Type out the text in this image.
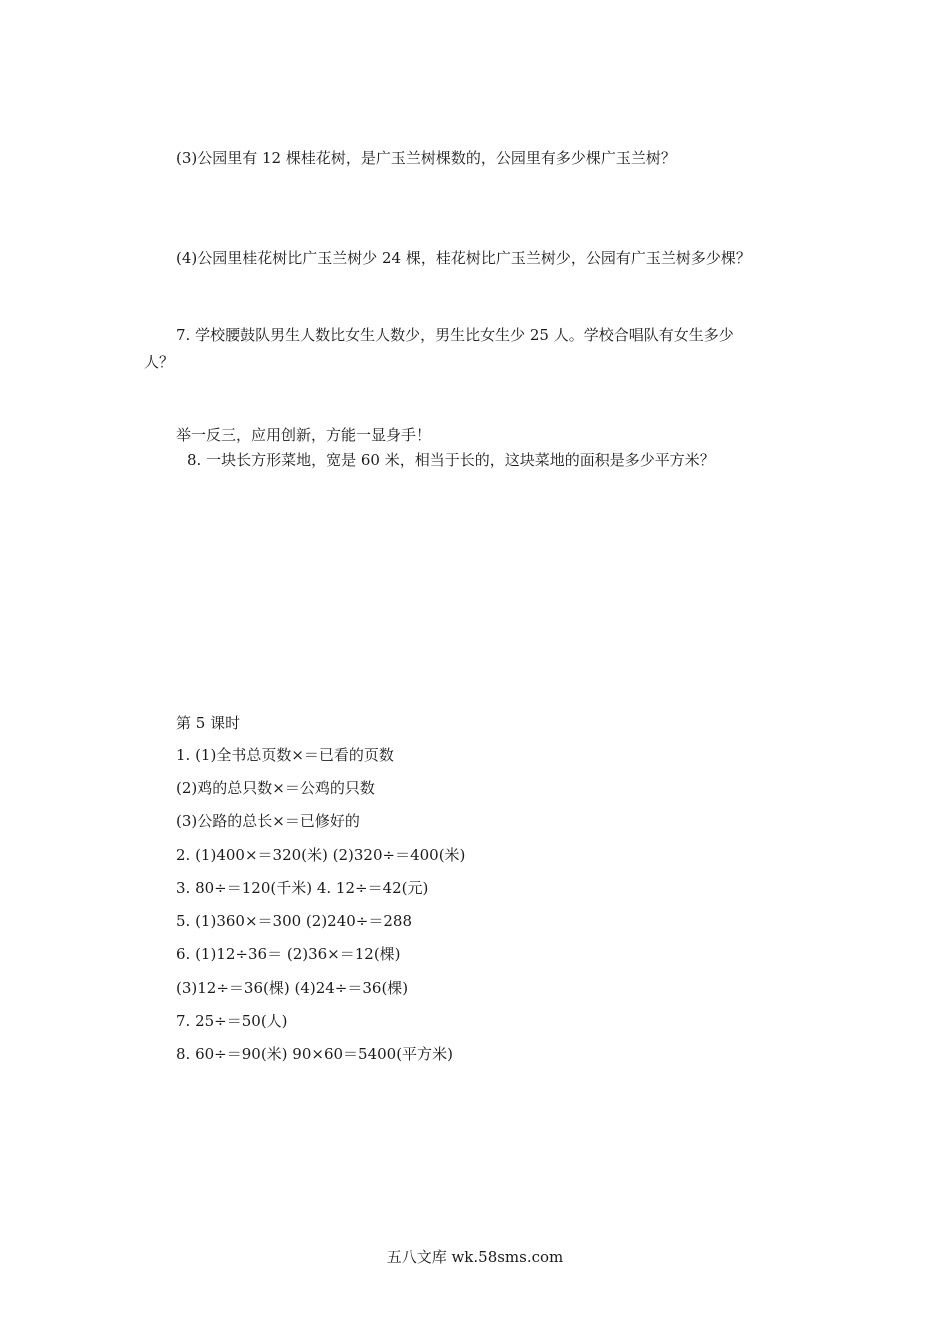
(3)公园里有 12 棵桂花树，是广玉兰树棵数的，公园里有多少棵广玉兰树？
(4)公园里桂花树比广玉兰树少 24 棵，桂花树比广玉兰树少，公园有广玉兰树多少棵？
7. 学校腰鼓队男生人数比女生人数少，男生比女生少 25 人。学校合唱队有女生多少
人？
举一反三，应用创新，方能一显身手！
8. 一块长方形菜地，宽是 60 米，相当于长的，这块菜地的面积是多少平方米？
第 5 课时
1. (1)全书总页数×＝已看的页数
(2)鸡的总只数×＝公鸡的只数
(3)公路的总长×＝已修好的
2. (1)400×＝320(米) (2)320÷＝400(米)
3. 80÷＝120(千米) 4. 12÷＝42(元)
5. (1)360×＝300 (2)240÷＝288
6. (1)12÷36＝ (2)36×＝12(棵)
(3)12÷＝36(棵) (4)24÷＝36(棵)
7. 25÷＝50(人)
8. 60÷＝90(米) 90×60＝5400(平方米)
五八文库 wk.58sms.com
